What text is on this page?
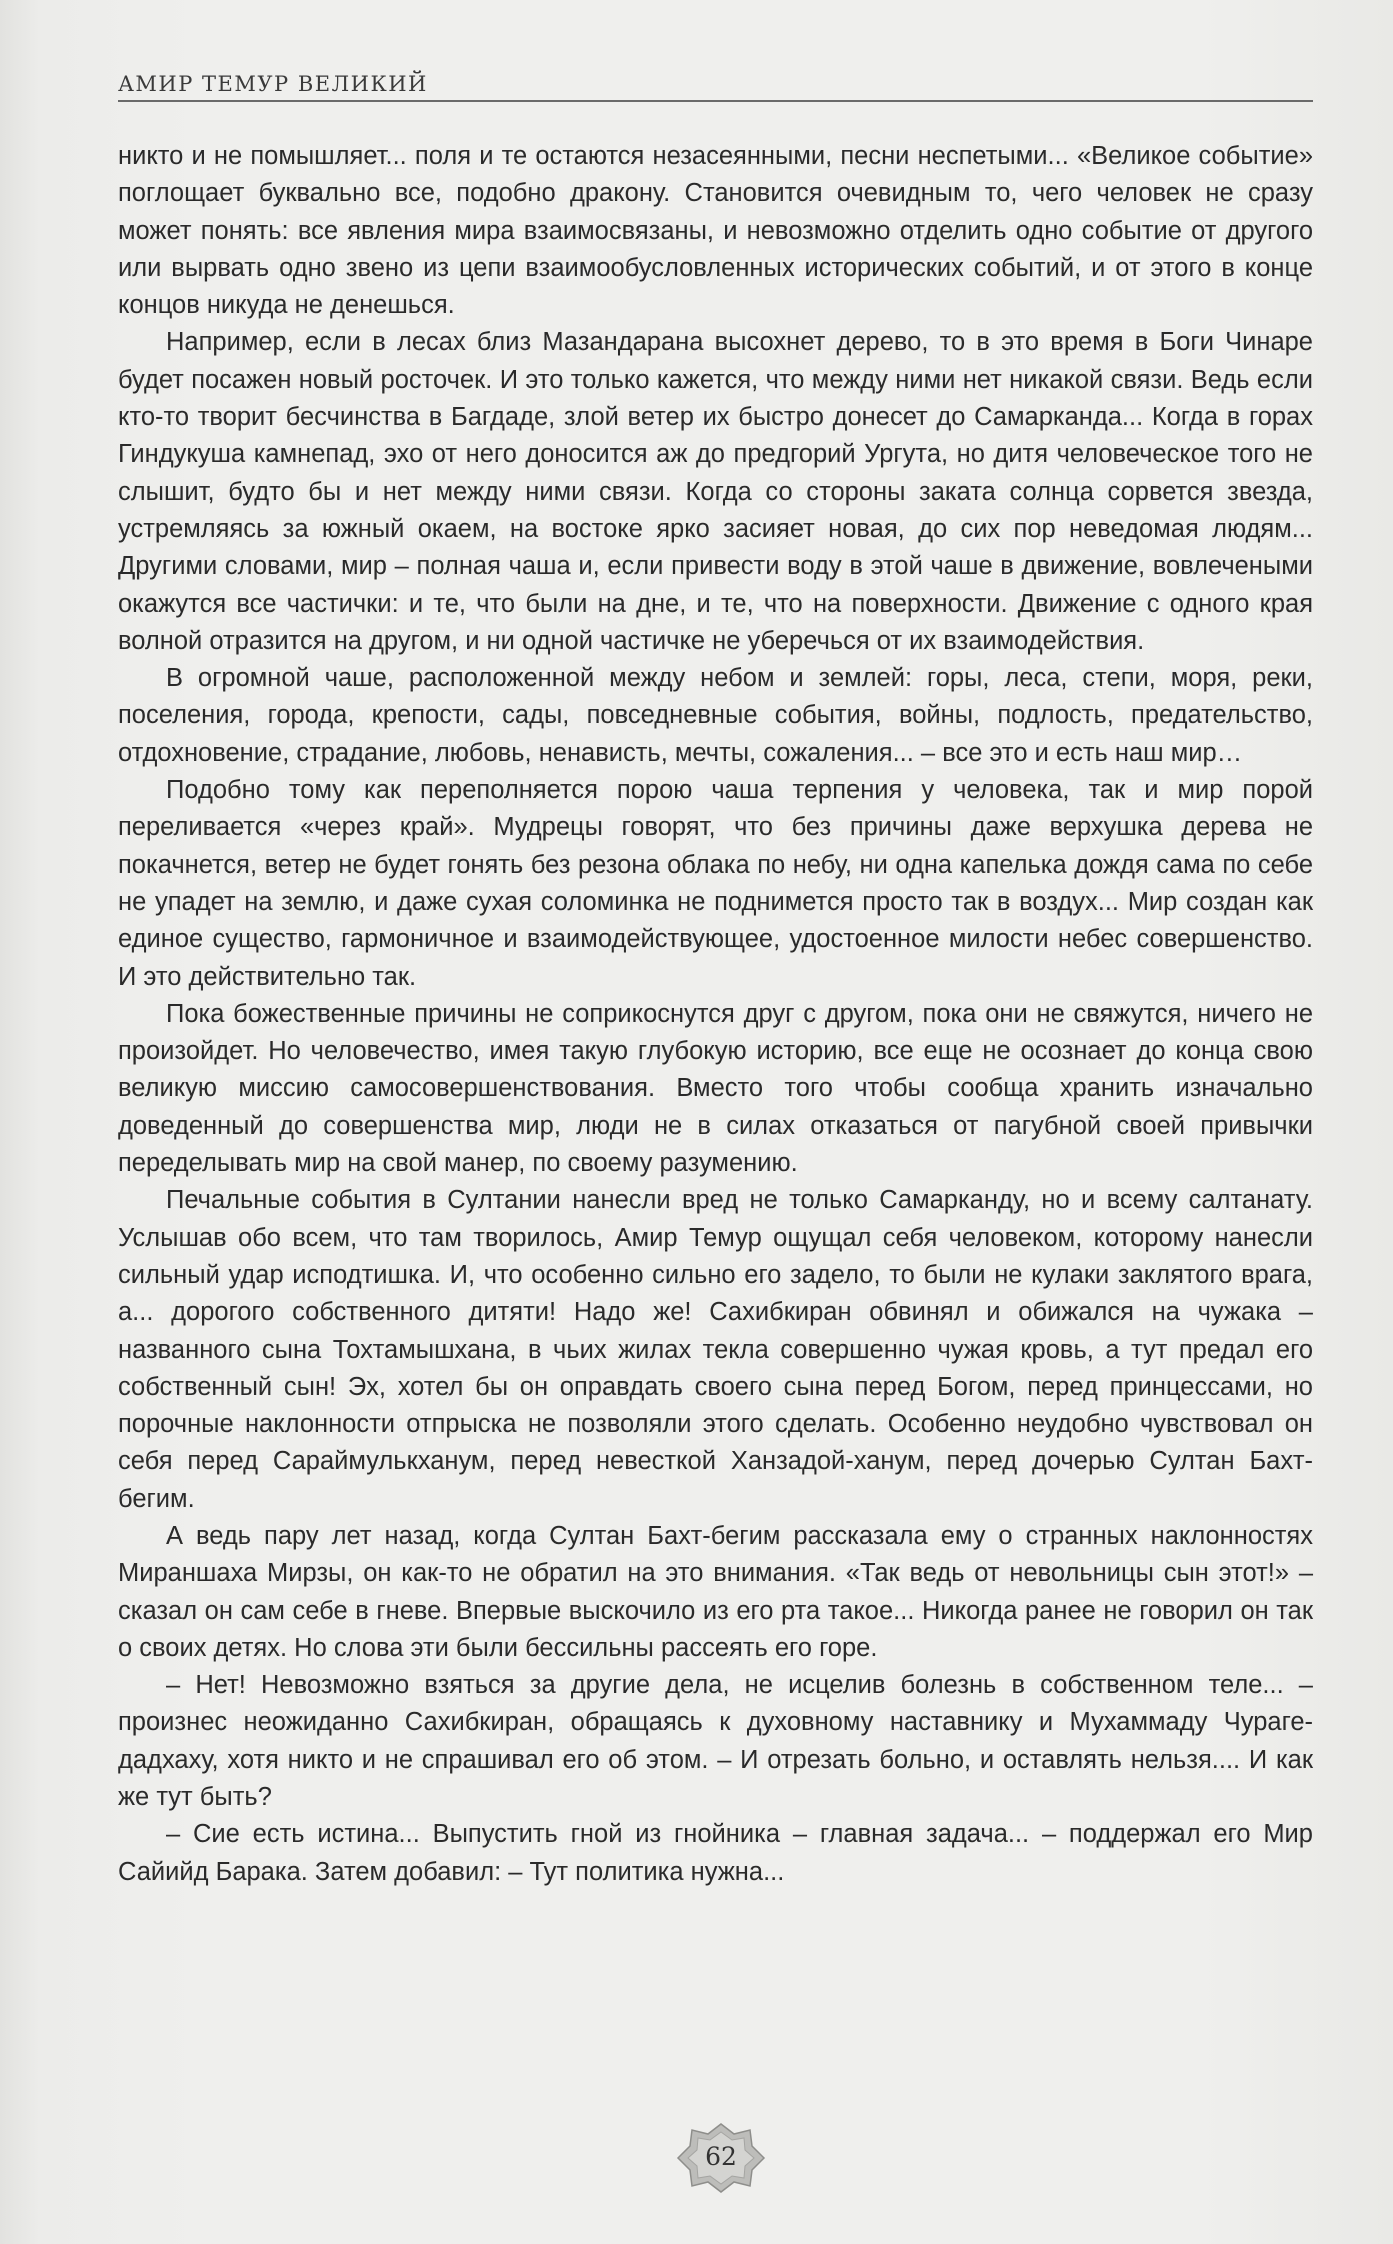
АМИР ТЕМУР ВЕЛИКИЙ

никто и не помышляет... поля и те остаются незасеянными, песни неспетыми... «Великое событие» поглощает буквально все, подобно дракону. Становится очевидным то, чего человек не сразу может понять: все явления мира взаимосвязаны, и невозможно отделить одно событие от другого или вырвать одно звено из цепи взаимообусловленных исторических событий, и от этого в конце концов никуда не денешься.

Например, если в лесах близ Мазандарана высохнет дерево, то в это время в Боги Чинаре будет посажен новый росточек. И это только кажется, что между ними нет никакой связи. Ведь если кто-то творит бесчинства в Багдаде, злой ветер их быстро донесет до Самарканда... Когда в горах Гиндукуша камнепад, эхо от него доносится аж до предгорий Ургута, но дитя человеческое того не слышит, будто бы и нет между ними связи. Когда со стороны заката солнца сорвется звезда, устремляясь за южный окаем, на востоке ярко засияет новая, до сих пор неведомая людям... Другими словами, мир – полная чаша и, если привести воду в этой чаше в движение, вовлечеными окажутся все частички: и те, что были на дне, и те, что на поверхности. Движение с одного края волной отразится на другом, и ни одной частичке не уберечься от их взаимодействия.

В огромной чаше, расположенной между небом и землей: горы, леса, степи, моря, реки, поселения, города, крепости, сады, повседневные события, войны, подлость, предательство, отдохновение, страдание, любовь, ненависть, мечты, сожаления... – все это и есть наш мир…

Подобно тому как переполняется порою чаша терпения у человека, так и мир порой переливается «через край». Мудрецы говорят, что без причины даже верхушка дерева не покачнется, ветер не будет гонять без резона облака по небу, ни одна капелька дождя сама по себе не упадет на землю, и даже сухая соломинка не поднимется просто так в воздух... Мир создан как единое существо, гармоничное и взаимодействующее, удостоенное милости небес совершенство. И это действительно так.

Пока божественные причины не соприкоснутся друг с другом, пока они не свяжутся, ничего не произойдет. Но человечество, имея такую глубокую историю, все еще не осознает до конца свою великую миссию самосовершенствования. Вместо того чтобы сообща хранить изначально доведенный до совершенства мир, люди не в силах отказаться от пагубной своей привычки переделывать мир на свой манер, по своему разумению.

Печальные события в Султании нанесли вред не только Самарканду, но и всему салтанату. Услышав обо всем, что там творилось, Амир Темур ощущал себя человеком, которому нанесли сильный удар исподтишка. И, что особенно сильно его задело, то были не кулаки заклятого врага, а... дорогого собственного дитяти! Надо же! Сахибкиран обвинял и обижался на чужака – названного сына Тохтамышхана, в чьих жилах текла совершенно чужая кровь, а тут предал его собственный сын! Эх, хотел бы он оправдать своего сына перед Богом, перед принцессами, но порочные наклонности отпрыска не позволяли этого сделать. Особенно неудобно чувствовал он себя перед Сараймулькханум, перед невесткой Ханзадой-ханум, перед дочерью Султан Бахт-бегим.

А ведь пару лет назад, когда Султан Бахт-бегим рассказала ему о странных наклонностях Мираншаха Мирзы, он как-то не обратил на это внимания. «Так ведь от невольницы сын этот!» – сказал он сам себе в гневе. Впервые выскочило из его рта такое... Никогда ранее не говорил он так о своих детях. Но слова эти были бессильны рассеять его горе.

– Нет! Невозможно взяться за другие дела, не исцелив болезнь в собственном теле... – произнес неожиданно Сахибкиран, обращаясь к духовному наставнику и Мухаммаду Чураге-дадхаху, хотя никто и не спрашивал его об этом. – И отрезать больно, и оставлять нельзя.... И как же тут быть?

– Сие есть истина... Выпустить гной из гнойника – главная задача... – поддержал его Мир Сайийд Барака. Затем добавил: – Тут политика нужна...

62
